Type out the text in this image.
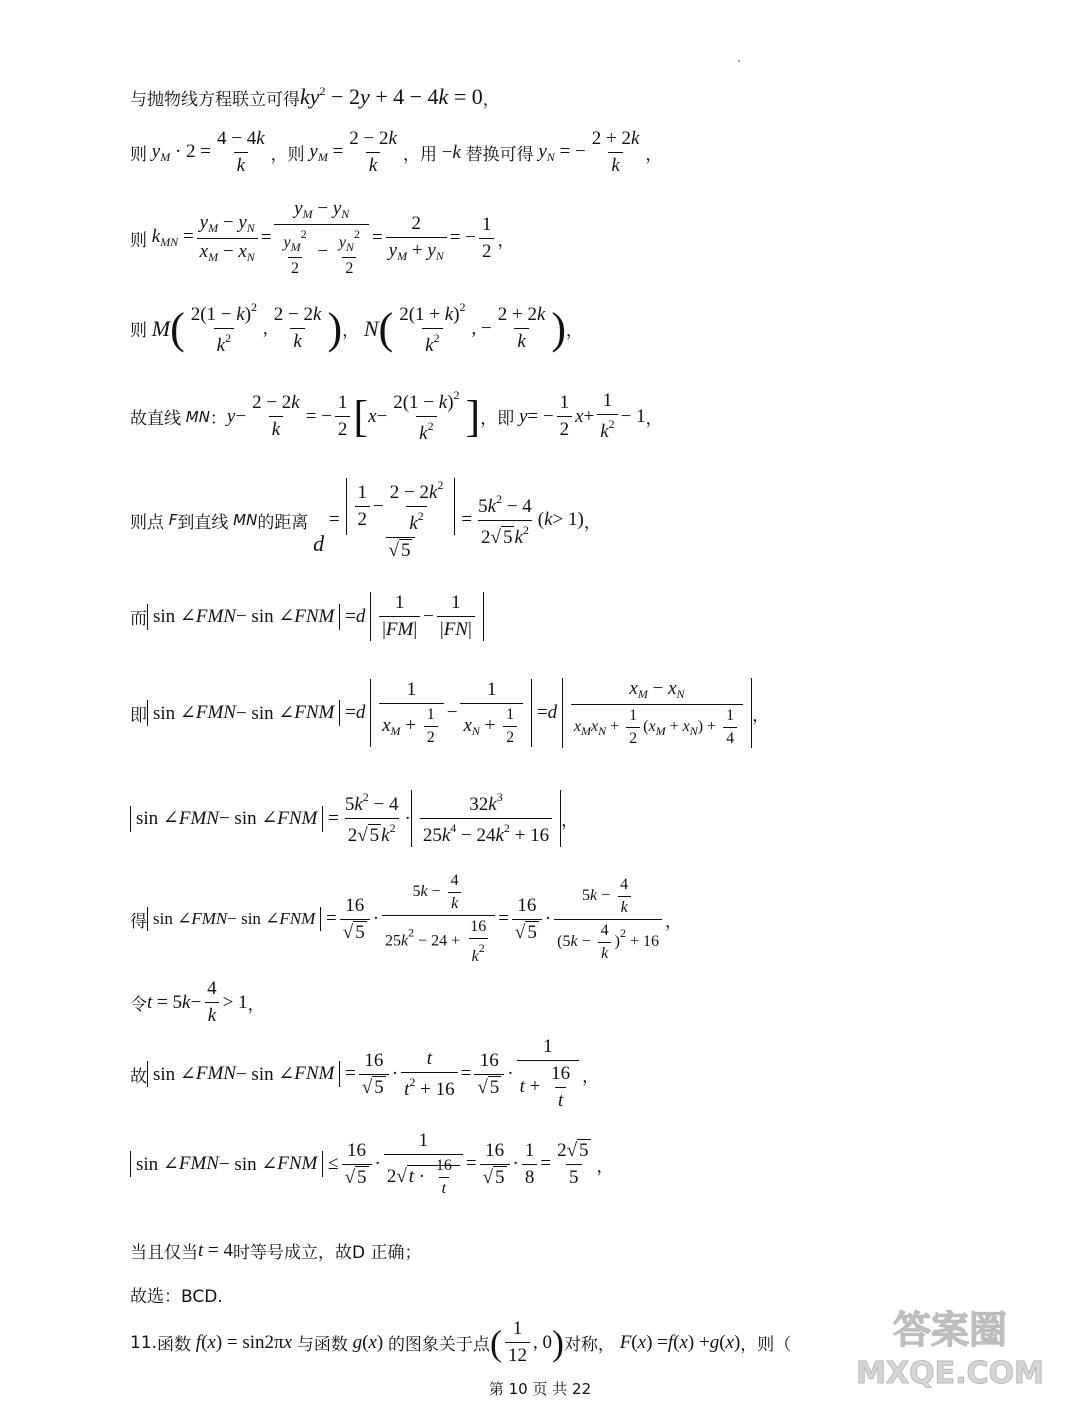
与抛物线方程联立可得 $ky^2 - 2y + 4 - 4k = 0$ ，
则
$y_M \cdot 2 = \frac{4 - 4k}{k}$ ，则
$y_M = \frac{2 - 2k}{k}$ ，用 − k
替换可得
$y_N$ = − $\frac{2 + 2k}{k}$ ，
则
$k_{MN} = \frac{y_M - y_N}{x_M - x_N} = \frac{y_M - y_N}{\frac{y_M^2}{2} - \frac{y_N^2}{2}} = \frac{2}{y_M + y_N}$ = − $\frac{1}{2}$ ，
则
M ( $\frac{2(1 - k)^2}{k^2}$ , $\frac{2 - 2k}{k}$ ) ，
N ( $\frac{2(1 + k)^2}{k^2}$ , − $\frac{2 + 2k}{k}$ ) ，
故直线
MN ： $y - \frac{2 - 2k}{k}$ = − $\frac{1}{2}$ [ $x - \frac{2(1 - k)^2}{k^2}$ ] ，即
y = − $\frac{1}{2}$ $x + \frac{1}{k^2} - 1$ ，
则点
F 到直线
MN 的距离

d
= $\frac{\frac{1}{2} - \frac{2 - 2k^2}{k^2}}{√ 5} = \frac{5k^2 - 4}{2√ 5 k^2}$ ( k > 1) ，
而 sin ∠ FMN − sin ∠ FNM = d
$\frac{1}{|FM|} - \frac{1}{|FN|}$
即 sin ∠ FMN − sin ∠ FNM = d
$\frac{1}{x_M + \frac{1}{2}} - \frac{1}{x_N + \frac{1}{2}} = d$
$\frac{x_M - x_N}{x_Mx_N + \frac{1}{2} (x_M + x_N) + \frac{1}{4}}$ ，
sin ∠ FMN − sin ∠ FNM = $\frac{5k^2 - 4}{2√ 5 k^2} \cdot \frac{32k^3}{25k^4 - 24k^2 + 16}$ ，
得 sin ∠ FMN − sin ∠ FNM = $\frac{16}{√ 5} \cdot \frac{5k - \frac{4}{k}}{25k^2 - 24 + \frac{16}{k^2}} = \frac{16}{√ 5} \cdot \frac{5k - \frac{4}{k}}{(5k - \frac{4}{k} )^2 + 16}$ ，
令 t = 5 $k - \frac{4}{k} > 1$ ，
故 sin ∠ FMN − sin ∠ FNM = $\frac{16}{√ 5} \cdot \frac{t}{t^2 + 16} = \frac{16}{√ 5} \cdot \frac{1}{t + \frac{16}{t}}$ ，
sin ∠ FMN − sin ∠ FNM ≤ $\frac{16}{√ 5} \cdot \frac{1}{2√ t \cdot \frac{16}{t}} = \frac{16}{√ 5} \cdot \frac{1}{8} = \frac{2√ 5}{5}$ ，
当且仅当 t = 4 时等号成立，故D 正确；
故选：BCD.
11. 函数
f ( x ) = sin2π x
与函数
g ( x ) 的图象关于点 ( $\frac{1}{12}$ , 0 ) 对称，
F ( x ) = f ( x ) + g ( x ) ，则（	答案圈
MXQE.COM
第 10 页 共 22
